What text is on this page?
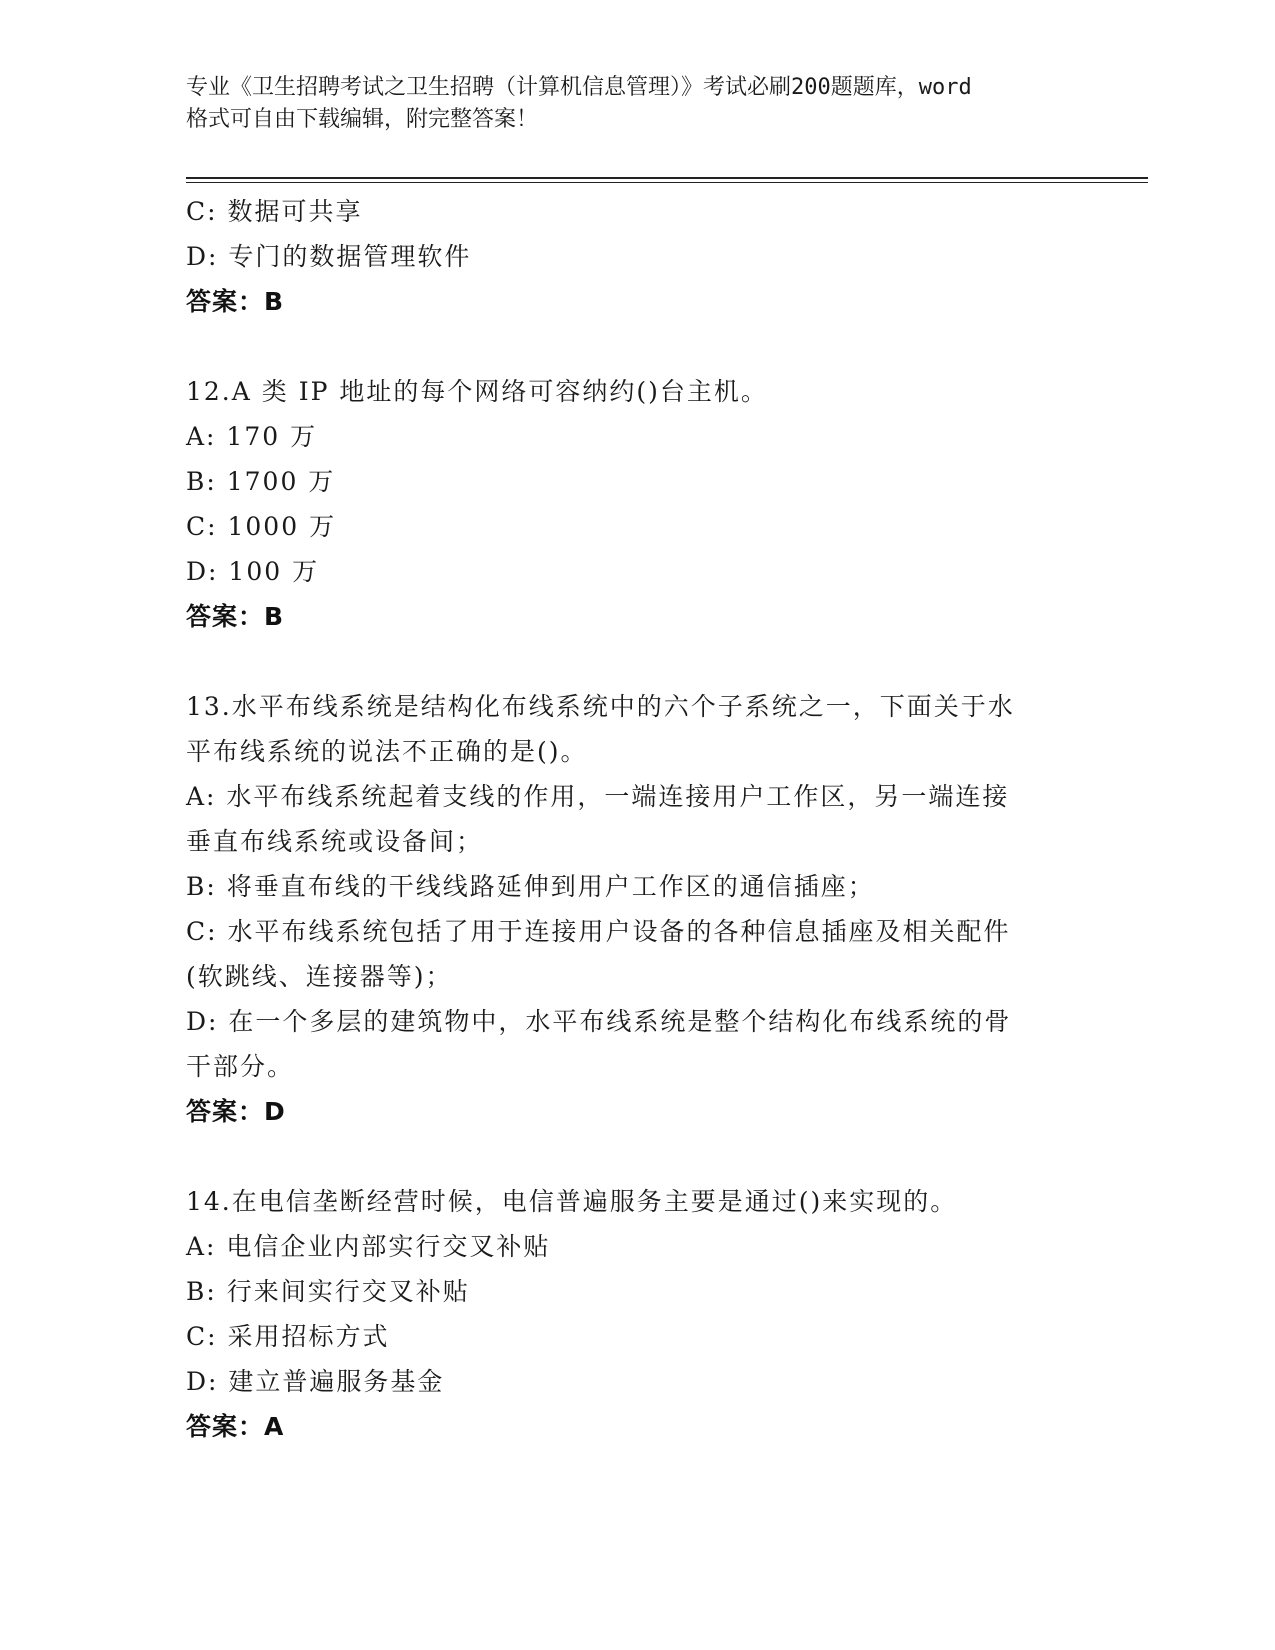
专业《卫生招聘考试之卫生招聘（计算机信息管理）》考试必刷200题题库，word
格式可自由下载编辑，附完整答案！
C: 数据可共享
D: 专门的数据管理软件
答案：B
12.A 类 IP 地址的每个网络可容纳约()台主机。
A: 170 万
B: 1700 万
C: 1000 万
D: 100 万
答案：B
13.水平布线系统是结构化布线系统中的六个子系统之一，下面关于水
平布线系统的说法不正确的是()。
A: 水平布线系统起着支线的作用，一端连接用户工作区，另一端连接
垂直布线系统或设备间；
B: 将垂直布线的干线线路延伸到用户工作区的通信插座；
C: 水平布线系统包括了用于连接用户设备的各种信息插座及相关配件
(软跳线、连接器等)；
D: 在一个多层的建筑物中，水平布线系统是整个结构化布线系统的骨
干部分。
答案：D
14.在电信垄断经营时候，电信普遍服务主要是通过()来实现的。
A: 电信企业内部实行交叉补贴
B: 行来间实行交叉补贴
C: 采用招标方式
D: 建立普遍服务基金
答案：A
